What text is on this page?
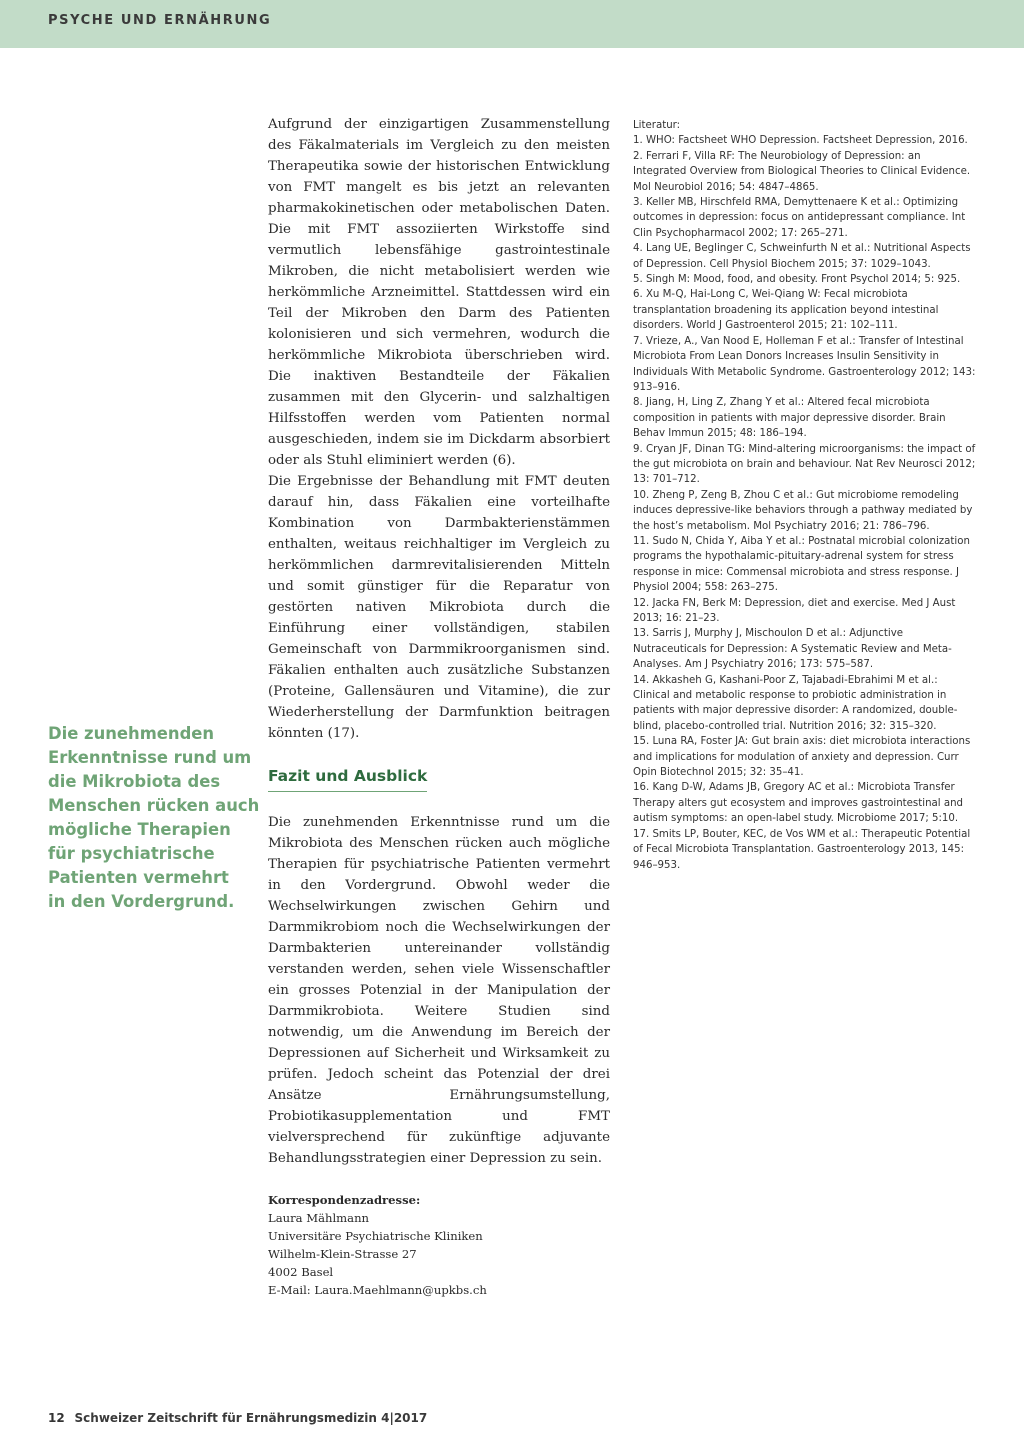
PSYCHE UND ERNÄHRUNG
Die zunehmenden
Erkenntnisse rund um
die Mikrobiota des
Menschen rücken auch
mögliche Therapien
für psychiatrische
Patienten vermehrt
in den Vordergrund.

Aufgrund der einzigartigen Zusammenstellung des Fäkalmaterials im Vergleich zu den meisten Therapeutika sowie der historischen Entwicklung von FMT mangelt es bis jetzt an relevanten pharmakokinetischen oder metabolischen Daten. Die mit FMT assoziierten Wirkstoffe sind vermutlich lebensfähige gastrointestinale Mikroben, die nicht metabolisiert werden wie herkömmliche Arzneimittel. Stattdessen wird ein Teil der Mikroben den Darm des Patienten kolonisieren und sich vermehren, wodurch die herkömmliche Mikrobiota überschrieben wird. Die inaktiven Bestandteile der Fäkalien zusammen mit den Glycerin- und salzhaltigen Hilfsstoffen werden vom Patienten normal ausgeschieden, indem sie im Dickdarm absorbiert oder als Stuhl eliminiert werden (6).

Die Ergebnisse der Behandlung mit FMT deuten darauf hin, dass Fäkalien eine vorteilhafte Kombination von Darmbakterienstämmen enthalten, weitaus reichhaltiger im Vergleich zu herkömmlichen darmrevitalisierenden Mitteln und somit günstiger für die Reparatur von gestörten nativen Mikrobiota durch die Einführung einer vollständigen, stabilen Gemeinschaft von Darmmikroorganismen sind. Fäkalien enthalten auch zusätzliche Substanzen (Proteine, Gallensäuren und Vitamine), die zur Wiederherstellung der Darmfunktion beitragen könnten (17).

Fazit und Ausblick

Die zunehmenden Erkenntnisse rund um die Mikrobiota des Menschen rücken auch mögliche Therapien für psychiatrische Patienten vermehrt in den Vordergrund. Obwohl weder die Wechselwirkungen zwischen Gehirn und Darmmikrobiom noch die Wechselwirkungen der Darmbakterien untereinander vollständig verstanden werden, sehen viele Wissenschaftler ein grosses Potenzial in der Manipulation der Darmmikrobiota. Weitere Studien sind notwendig, um die Anwendung im Bereich der Depressionen auf Sicherheit und Wirksamkeit zu prüfen. Jedoch scheint das Potenzial der drei Ansätze Ernährungsumstellung, Probiotikasupplementation und FMT vielversprechend für zukünftige adjuvante Behandlungsstrategien einer Depression zu sein.

Korrespondenzadresse:
Laura Mählmann
Universitäre Psychiatrische Kliniken
Wilhelm-Klein-Strasse 27
4002 Basel
E-Mail: Laura.Maehlmann@upkbs.ch
Literatur:
1. WHO: Factsheet WHO Depression. Factsheet Depression, 2016.
2. Ferrari F, Villa RF: The Neurobiology of Depression: an Integrated Overview from Biological Theories to Clinical Evidence. Mol Neurobiol 2016; 54: 4847–4865.
3. Keller MB, Hirschfeld RMA, Demyttenaere K et al.: Optimizing outcomes in depression: focus on antidepressant compliance. Int Clin Psychopharmacol 2002; 17: 265–271.
4. Lang UE, Beglinger C, Schweinfurth N et al.: Nutritional Aspects of Depression. Cell Physiol Biochem 2015; 37: 1029–1043.
5. Singh M: Mood, food, and obesity. Front Psychol 2014; 5: 925.
6. Xu M-Q, Hai-Long C, Wei-Qiang W: Fecal microbiota transplantation broadening its application beyond intestinal disorders. World J Gastroenterol 2015; 21: 102–111.
7. Vrieze, A., Van Nood E, Holleman F et al.: Transfer of Intestinal Microbiota From Lean Donors Increases Insulin Sensitivity in Individuals With Metabolic Syndrome. Gastroenterology 2012; 143: 913–916.
8. Jiang, H, Ling Z, Zhang Y et al.: Altered fecal microbiota composition in patients with major depressive disorder. Brain Behav Immun 2015; 48: 186–194.
9. Cryan JF, Dinan TG: Mind-altering microorganisms: the impact of the gut microbiota on brain and behaviour. Nat Rev Neurosci 2012; 13: 701–712.
10. Zheng P, Zeng B, Zhou C et al.: Gut microbiome remodeling induces depressive-like behaviors through a pathway mediated by the host’s metabolism. Mol Psychiatry 2016; 21: 786–796.
11. Sudo N, Chida Y, Aiba Y et al.: Postnatal microbial colonization programs the hypothalamic-pituitary-adrenal system for stress response in mice: Commensal microbiota and stress response. J Physiol 2004; 558: 263–275.
12. Jacka FN, Berk M: Depression, diet and exercise. Med J Aust 2013; 16: 21–23.
13. Sarris J, Murphy J, Mischoulon D et al.: Adjunctive Nutraceuticals for Depression: A Systematic Review and Meta-Analyses. Am J Psychiatry 2016; 173: 575–587.
14. Akkasheh G, Kashani-Poor Z, Tajabadi-Ebrahimi M et al.: Clinical and metabolic response to probiotic administration in patients with major depressive disorder: A randomized, double-blind, placebo-controlled trial. Nutrition 2016; 32: 315–320.
15. Luna RA, Foster JA: Gut brain axis: diet microbiota interactions and implications for modulation of anxiety and depression. Curr Opin Biotechnol 2015; 32: 35–41.
16. Kang D-W, Adams JB, Gregory AC et al.: Microbiota Transfer Therapy alters gut ecosystem and improves gastrointestinal and autism symptoms: an open-label study. Microbiome 2017; 5:10.
17. Smits LP, Bouter, KEC, de Vos WM et al.: Therapeutic Potential of Fecal Microbiota Transplantation. Gastroenterology 2013, 145: 946–953.
12 Schweizer Zeitschrift für Ernährungsmedizin 4|2017
